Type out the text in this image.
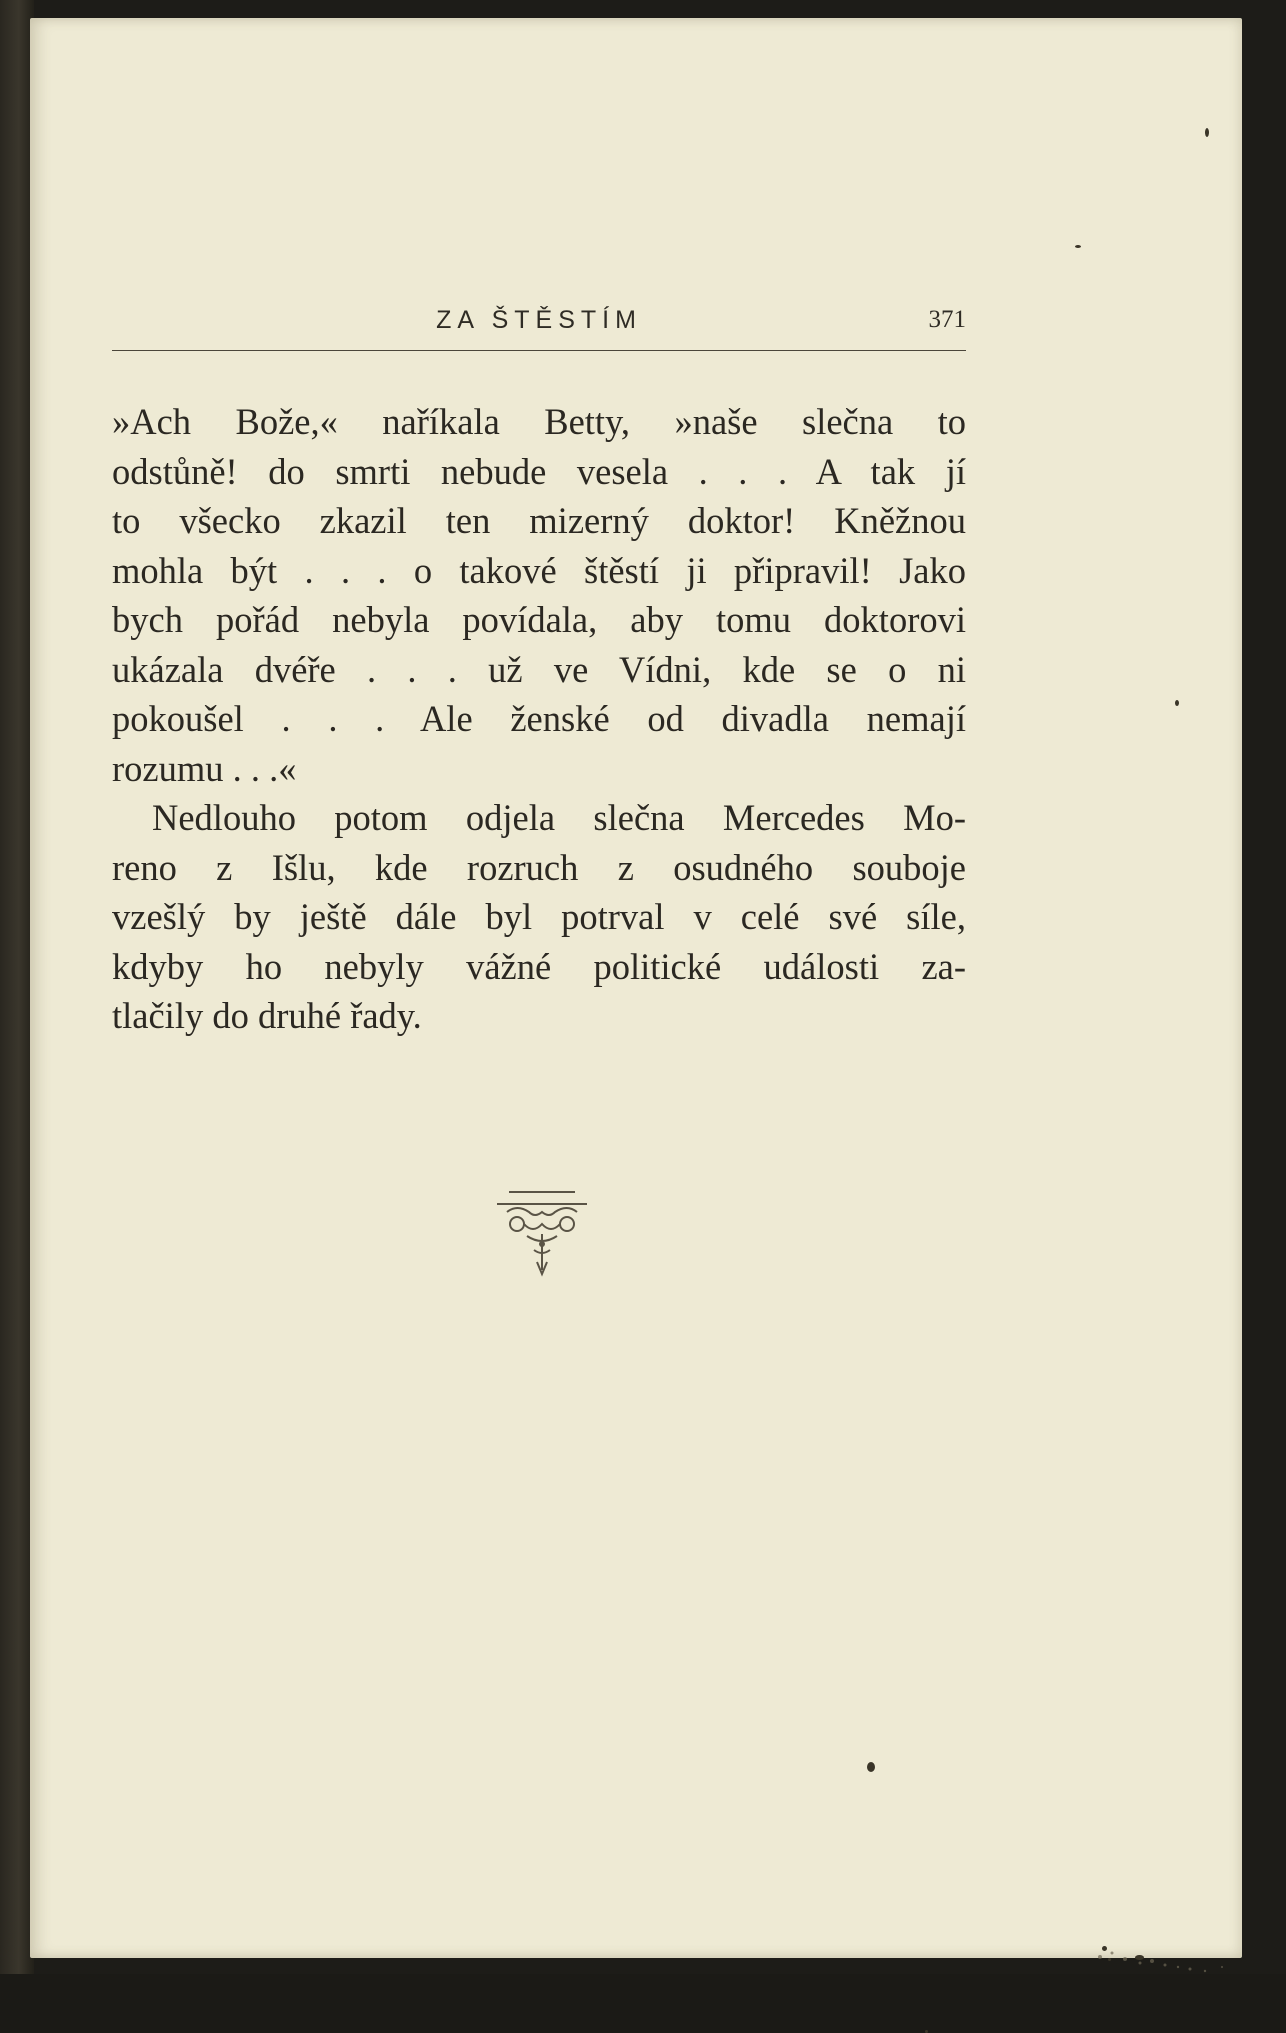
ZA ŠTĚSTÍM	371
»Ach Bože,« naříkala Betty, »naše slečna to
odstůně! do smrti nebude vesela . . . A tak jí
to všecko zkazil ten mizerný doktor! Kněžnou
mohla být . . . o takové štěstí ji připravil! Jako
bych pořád nebyla povídala, aby tomu doktorovi
ukázala dvéře . . . už ve Vídni, kde se o ni
pokoušel . . . Ale ženské od divadla nemají
rozumu . . .«
Nedlouho potom odjela slečna Mercedes Mo-
reno z Išlu, kde rozruch z osudného souboje
vzešlý by ještě dále byl potrval v celé své síle,
kdyby ho nebyly vážné politické události za-
tlačily do druhé řady.
